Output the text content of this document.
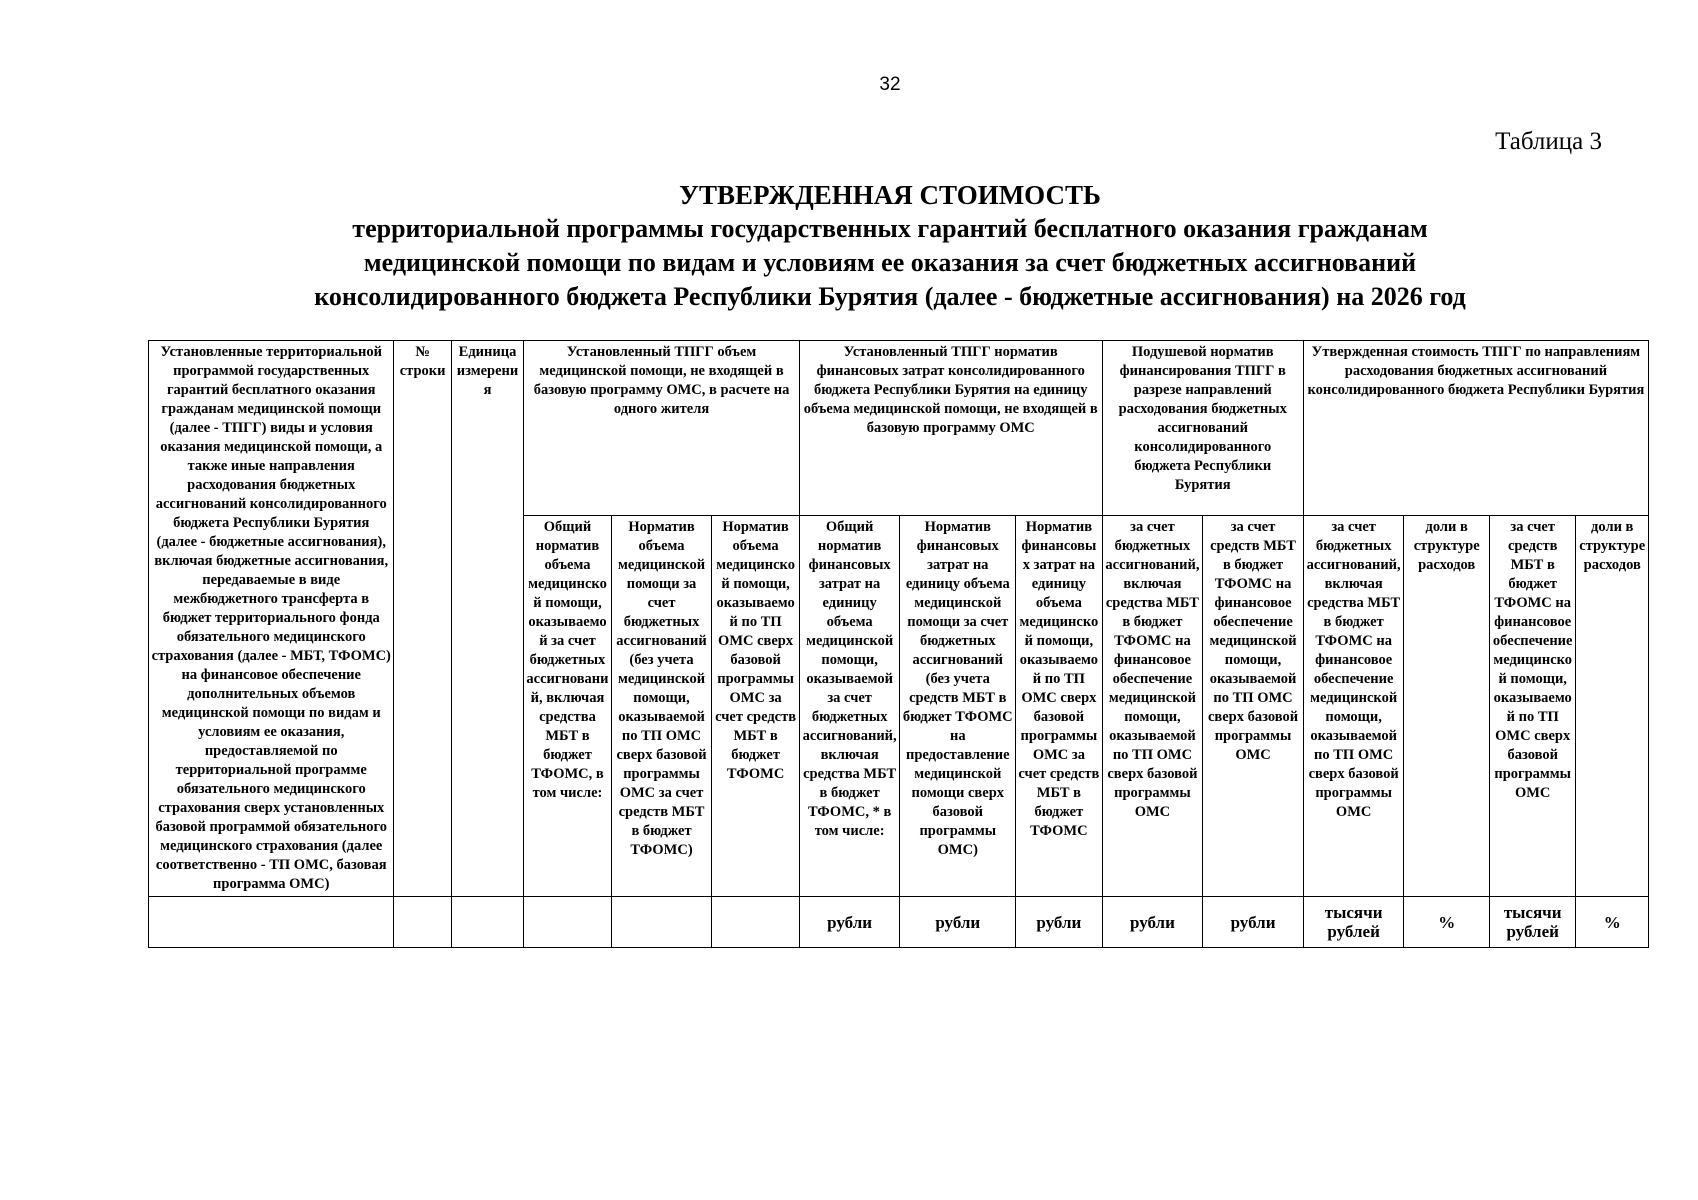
32
Таблица 3
УТВЕРЖДЕННАЯ СТОИМОСТЬ
территориальной программы государственных гарантий бесплатного оказания гражданам
медицинской помощи по видам и условиям ее оказания за счет бюджетных ассигнований
консолидированного бюджета Республики Бурятия (далее - бюджетные ассигнования) на 2026 год
Установленные территориальной программой государственных гарантий бесплатного оказания гражданам медицинской помощи (далее - ТПГГ) виды и условия оказания медицинской помощи, а также иные направления расходования бюджетных ассигнований консолидированного бюджета Республики Бурятия (далее - бюджетные ассигнования), включая бюджетные ассигнования, передаваемые в виде межбюджетного трансферта в бюджет территориального фонда обязательного медицинского страхования (далее - МБТ, ТФОМС) на финансовое обеспечение дополнительных объемов медицинской помощи по видам и условиям ее оказания, предоставляемой по территориальной программе обязательного медицинского страхования сверх установленных базовой программой обязательного медицинского страхования (далее соответственно - ТП ОМС, базовая программа ОМС)	№ строки	Единица измерения	Установленный ТПГГ объем медицинской помощи, не входящей в базовую программу ОМС, в расчете на одного жителя			Установленный ТПГГ норматив финансовых затрат консолидированного бюджета Республики Бурятия на единицу объема медицинской помощи, не входящей в базовую программу ОМС			Подушевой норматив финансирования ТПГГ в разрезе направлений расходования бюджетных ассигнований консолидированного бюджета Республики Бурятия		Утвержденная стоимость ТПГГ по направлениям расходования бюджетных ассигнований консолидированного бюджета Республики Бурятия			
			Общий норматив объема медицинской помощи, оказываемой за счет бюджетных ассигнований, включая средства МБТ в бюджет ТФОМС, в том числе:	Норматив объема медицинской помощи за счет бюджетных ассигнований (без учета медицинской помощи, оказываемой по ТП ОМС сверх базовой программы ОМС за счет средств МБТ в бюджет ТФОМС)	Норматив объема медицинской помощи, оказываемой по ТП ОМС сверх базовой программы ОМС за счет средств МБТ в бюджет ТФОМС	Общий норматив финансовых затрат на единицу объема медицинской помощи, оказываемой за счет бюджетных ассигнований, включая средства МБТ в бюджет ТФОМС, * в том числе:	Норматив финансовых затрат на единицу объема медицинской помощи за счет бюджетных ассигнований (без учета средств МБТ в бюджет ТФОМС на предоставление медицинской помощи сверх базовой программы ОМС)	Норматив финансовых затрат на единицу объема медицинской помощи, оказываемой по ТП ОМС сверх базовой программы ОМС за счет средств МБТ в бюджет ТФОМС	за счет бюджетных ассигнований, включая средства МБТ в бюджет ТФОМС на финансовое обеспечение медицинской помощи, оказываемой по ТП ОМС сверх базовой программы ОМС	за счет средств МБТ в бюджет ТФОМС на финансовое обеспечение медицинской помощи, оказываемой по ТП ОМС сверх базовой программы ОМС	за счет бюджетных ассигнований, включая средства МБТ в бюджет ТФОМС на финансовое обеспечение медицинской помощи, оказываемой по ТП ОМС сверх базовой программы ОМС	доли в структуре расходов	за счет средств МБТ в бюджет ТФОМС на финансовое обеспечение медицинской помощи, оказываемой по ТП ОМС сверх базовой программы ОМС	доли в структуре расходов
						рубли	рубли	рубли	рубли	рубли	тысячи рублей	%	тысячи рублей	%
